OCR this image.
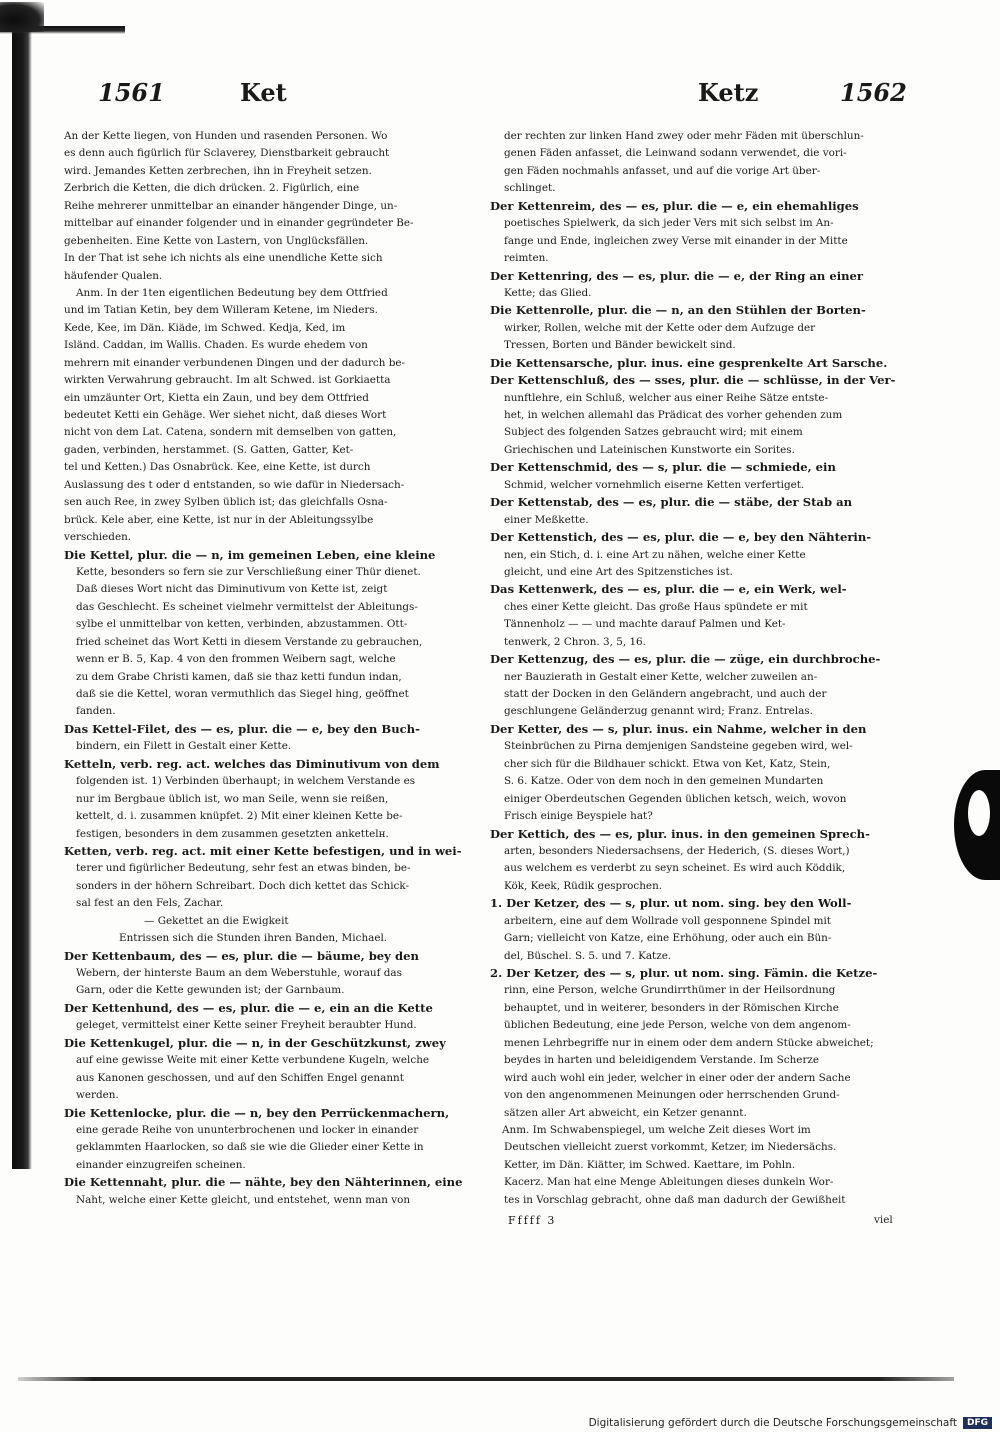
1561	Ket	Ketz	1562
An der Kette liegen, von Hunden und rasenden Personen. Wo
es denn auch figürlich für Sclaverey, Dienstbarkeit gebraucht
wird. Jemandes Ketten zerbrechen, ihn in Freyheit setzen.
Zerbrich die Ketten, die dich drücken. 2. Figürlich, eine
Reihe mehrerer unmittelbar an einander hängender Dinge, un-
mittelbar auf einander folgender und in einander gegründeter Be-
gebenheiten. Eine Kette von Lastern, von Unglücksfällen.
In der That ist sehe ich nichts als eine unendliche Kette sich
häufender Qualen.
Anm. In der 1ten eigentlichen Bedeutung bey dem Ottfried
und im Tatian Ketin, bey dem Willeram Ketene, im Nieders.
Kede, Kee, im Dän. Kiäde, im Schwed. Kedja, Ked, im
Isländ. Caddan, im Wallis. Chaden. Es wurde ehedem von
mehrern mit einander verbundenen Dingen und der dadurch be-
wirkten Verwahrung gebraucht. Im alt Schwed. ist Gorkiaetta
ein umzäunter Ort, Kietta ein Zaun, und bey dem Ottfried
bedeutet Ketti ein Gehäge. Wer siehet nicht, daß dieses Wort
nicht von dem Lat. Catena, sondern mit demselben von gatten,
gaden, verbinden, herstammet. (S. Gatten, Gatter, Ket-
tel und Ketten.) Das Osnabrück. Kee, eine Kette, ist durch
Auslassung des t oder d entstanden, so wie dafür in Niedersach-
sen auch Ree, in zwey Sylben üblich ist; das gleichfalls Osna-
brück. Kele aber, eine Kette, ist nur in der Ableitungssylbe
verschieden.
Die Kettel, plur. die — n, im gemeinen Leben, eine kleine
Kette, besonders so fern sie zur Verschließung einer Thür dienet.
Daß dieses Wort nicht das Diminutivum von Kette ist, zeigt
das Geschlecht. Es scheinet vielmehr vermittelst der Ableitungs-
sylbe el unmittelbar von ketten, verbinden, abzustammen. Ott-
fried scheinet das Wort Ketti in diesem Verstande zu gebrauchen,
wenn er B. 5, Kap. 4 von den frommen Weibern sagt, welche
zu dem Grabe Christi kamen, daß sie thaz ketti fundun indan,
daß sie die Kettel, woran vermuthlich das Siegel hing, geöffnet
fanden.
Das Kettel-Filet, des — es, plur. die — e, bey den Buch-
bindern, ein Filett in Gestalt einer Kette.
Ketteln, verb. reg. act. welches das Diminutivum von dem
folgenden ist. 1) Verbinden überhaupt; in welchem Verstande es
nur im Bergbaue üblich ist, wo man Seile, wenn sie reißen,
kettelt, d. i. zusammen knüpfet. 2) Mit einer kleinen Kette be-
festigen, besonders in dem zusammen gesetzten ankettelн.
Ketten, verb. reg. act. mit einer Kette befestigen, und in wei-
terer und figürlicher Bedeutung, sehr fest an etwas binden, be-
sonders in der höhern Schreibart. Doch dich kettet das Schick-
sal fest an den Fels, Zachar.
— Gekettet an die Ewigkeit
Entrissen sich die Stunden ihren Banden, Michael.
Der Kettenbaum, des — es, plur. die — bäume, bey den
Webern, der hinterste Baum an dem Weberstuhle, worauf das
Garn, oder die Kette gewunden ist; der Garnbaum.
Der Kettenhund, des — es, plur. die — e, ein an die Kette
geleget, vermittelst einer Kette seiner Freyheit beraubter Hund.
Die Kettenkugel, plur. die — n, in der Geschützkunst, zwey
auf eine gewisse Weite mit einer Kette verbundene Kugeln, welche
aus Kanonen geschossen, und auf den Schiffen Engel genannt
werden.
Die Kettenlocke, plur. die — n, bey den Perrückenmachern,
eine gerade Reihe von ununterbrochenen und locker in einander
geklammten Haarlocken, so daß sie wie die Glieder einer Kette in
einander einzugreifen scheinen.
Die Kettennaht, plur. die — nähte, bey den Nähterinnen, eine
Naht, welche einer Kette gleicht, und entstehet, wenn man von
der rechten zur linken Hand zwey oder mehr Fäden mit überschlun-
genen Fäden anfasset, die Leinwand sodann verwendet, die vori-
gen Fäden nochmahls anfasset, und auf die vorige Art über-
schlinget.
Der Kettenreim, des — es, plur. die — e, ein ehemahliges
poetisches Spielwerk, da sich jeder Vers mit sich selbst im An-
fange und Ende, ingleichen zwey Verse mit einander in der Mitte
reimten.
Der Kettenring, des — es, plur. die — e, der Ring an einer
Kette; das Glied.
Die Kettenrolle, plur. die — n, an den Stühlen der Borten-
wirker, Rollen, welche mit der Kette oder dem Aufzuge der
Tressen, Borten und Bänder bewickelt sind.
Die Kettensarsche, plur. inus. eine gesprenkelte Art Sarsche.
Der Kettenschluß, des — sses, plur. die — schlüsse, in der Ver-
nunftlehre, ein Schluß, welcher aus einer Reihe Sätze entste-
het, in welchen allemahl das Prädicat des vorher gehenden zum
Subject des folgenden Satzes gebraucht wird; mit einem
Griechischen und Lateinischen Kunstworte ein Sorites.
Der Kettenschmid, des — s, plur. die — schmiede, ein
Schmid, welcher vornehmlich eiserne Ketten verfertiget.
Der Kettenstab, des — es, plur. die — stäbe, der Stab an
einer Meßkette.
Der Kettenstich, des — es, plur. die — e, bey den Nähterin-
nen, ein Stich, d. i. eine Art zu nähen, welche einer Kette
gleicht, und eine Art des Spitzenstiches ist.
Das Kettenwerk, des — es, plur. die — e, ein Werk, wel-
ches einer Kette gleicht. Das große Haus spündete er mit
Tännenholz — — und machte darauf Palmen und Ket-
tenwerk, 2 Chron. 3, 5, 16.
Der Kettenzug, des — es, plur. die — züge, ein durchbroche-
ner Bauzierath in Gestalt einer Kette, welcher zuweilen an-
statt der Docken in den Geländern angebracht, und auch der
geschlungene Geländerzug genannt wird; Franz. Entrelas.
Der Ketter, des — s, plur. inus. ein Nahme, welcher in den
Steinbrüchen zu Pirna demjenigen Sandsteine gegeben wird, wel-
cher sich für die Bildhauer schickt. Etwa von Ket, Katz, Stein,
S. 6. Katze. Oder von dem noch in den gemeinen Mundarten
einiger Oberdeutschen Gegenden üblichen ketsch, weich, wovon
Frisch einige Beyspiele hat?
Der Kettich, des — es, plur. inus. in den gemeinen Sprech-
arten, besonders Niedersachsens, der Hederich, (S. dieses Wort,)
aus welchem es verderbt zu seyn scheinet. Es wird auch Köddik,
Kök, Keek, Rüdik gesprochen.
1. Der Ketzer, des — s, plur. ut nom. sing. bey den Woll-
arbeitern, eine auf dem Wollrade voll gesponnene Spindel mit
Garn; vielleicht von Katze, eine Erhöhung, oder auch ein Bün-
del, Büschel. S. 5. und 7. Katze.
2. Der Ketzer, des — s, plur. ut nom. sing. Fämin. die Ketze-
rinn, eine Person, welche Grundirrthümer in der Heilsordnung
behauptet, und in weiterer, besonders in der Römischen Kirche
üblichen Bedeutung, eine jede Person, welche von dem angenom-
menen Lehrbegriffe nur in einem oder dem andern Stücke abweichet;
beydes in harten und beleidigendem Verstande. Im Scherze
wird auch wohl ein jeder, welcher in einer oder der andern Sache
von den angenommenen Meinungen oder herrschenden Grund-
sätzen aller Art abweicht, ein Ketzer genannt.
Anm. Im Schwabenspiegel, um welche Zeit dieses Wort im
Deutschen vielleicht zuerst vorkommt, Ketzer, im Niedersächs.
Ketter, im Dän. Kiätter, im Schwed. Kaettare, im Pohln.
Kacerz. Man hat eine Menge Ableitungen dieses dunkeln Wor-
tes in Vorschlag gebracht, ohne daß man dadurch der Gewißheit
Fffff 3	viel
Digitalisierung gefördert durch die Deutsche Forschungsgemeinschaft	DFG
